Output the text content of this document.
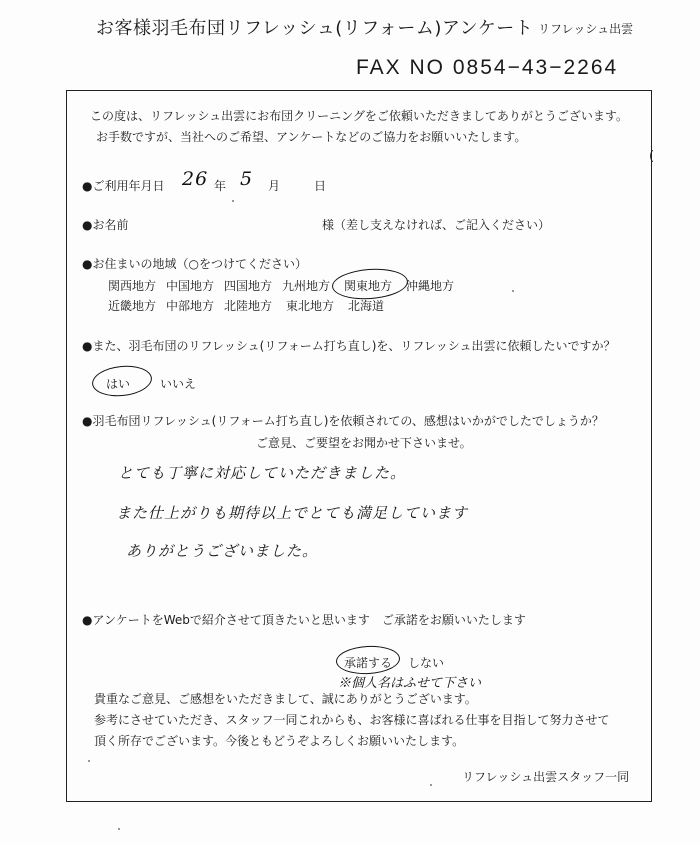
お客様羽毛布団リフレッシュ(リフォーム)アンケート リフレッシュ出雲
FAX NO 0854−43−2264
この度は、リフレッシュ出雲にお布団クリーニングをご依頼いただきましてありがとうございます。
お手数ですが、当社へのご希望、アンケートなどのご協力をお願いいたします。
(
●ご利用年月日 26 年 5 月	日
●お名前	様（差し支えなければ、ご記入ください）
●お住まいの地域（○をつけてください）
関西地方 中国地方 四国地方 九州地方 関東地方 沖縄地方
近畿地方 中部地方 北陸地方 東北地方 北海道
●また、羽毛布団のリフレッシュ(リフォーム打ち直し)を、リフレッシュ出雲に依頼したいですか？
はい いいえ
●羽毛布団リフレッシュ(リフォーム打ち直し)を依頼されての、感想はいかがでしたでしょうか？
ご意見、ご要望をお聞かせ下さいませ。
とても丁寧に対応していただきました。
また仕上がりも期待以上でとても満足しています
ありがとうございました。
●アンケートをWebで紹介させて頂きたいと思います　ご承諾をお願いいたします
承諾する しない
※個人名はふせて下さい
貴重なご意見、ご感想をいただきまして、誠にありがとうございます。
参考にさせていただき、スタッフ一同これからも、お客様に喜ばれる仕事を目指して努力させて
頂く所存でございます。今後ともどうぞよろしくお願いいたします。
リフレッシュ出雲スタッフ一同
